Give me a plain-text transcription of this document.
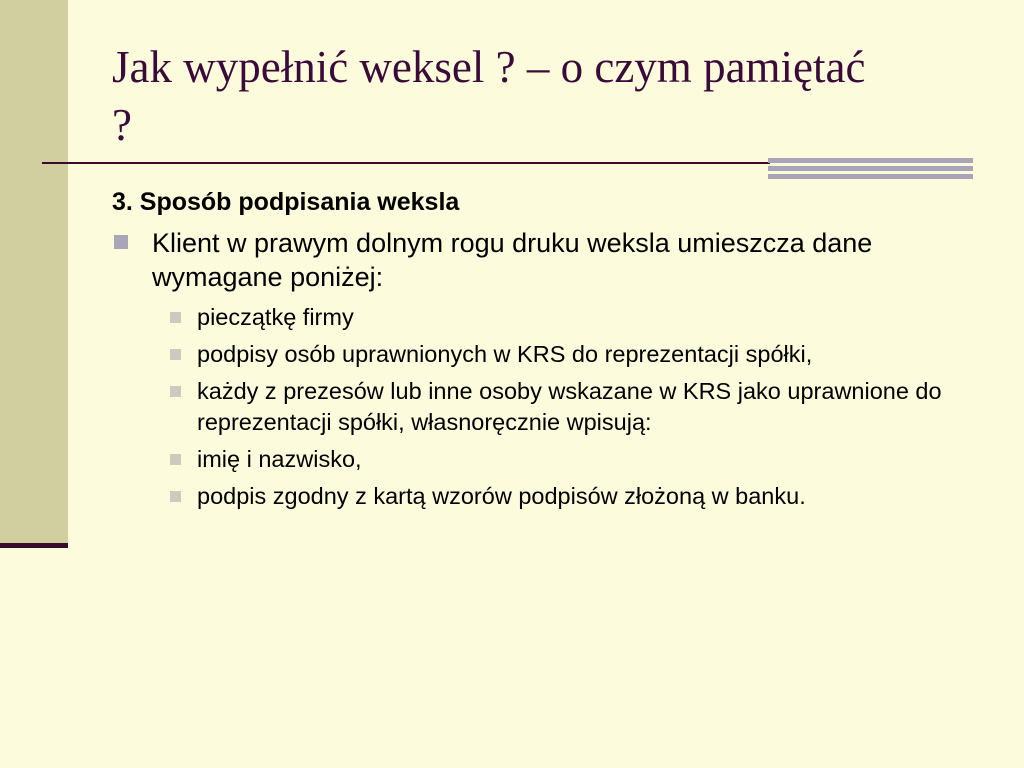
Jak wypełnić weksel ? – o czym pamiętać ?

3. Sposób podpisania weksla

Klient w prawym dolnym rogu druku weksla umieszcza dane wymagane poniżej:
pieczątkę firmy
podpisy osób uprawnionych w KRS do reprezentacji spółki,
każdy z prezesów lub inne osoby wskazane w KRS jako uprawnione do reprezentacji spółki, własnoręcznie wpisują:
imię i nazwisko,
podpis zgodny z kartą wzorów podpisów złożoną w banku.
